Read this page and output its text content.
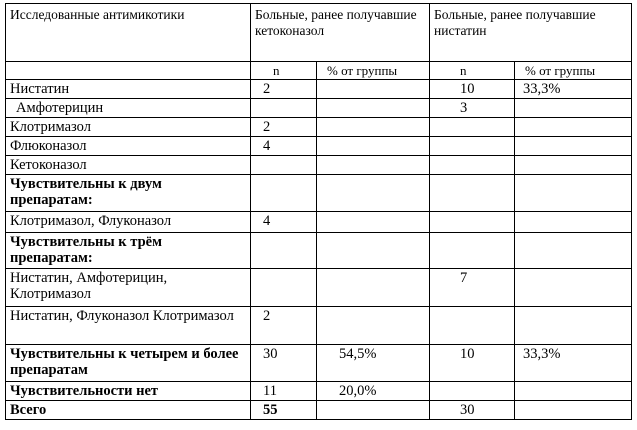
Исследованные антимикотики	Больные, ранее получавшие кетоконазол		Больные, ранее получавшие нистатин	
	n	% от группы	n	% от группы
Нистатин	2		10	33,3%
Амфотерицин			3	
Клотримазол	2			
Флюконазол	4			
Кетоконазол				
Чувствительны к двум препаратам:				
Клотримазол, Флуконазол	4			
Чувствительны к трём препаратам:				
Нистатин, Амфотерицин, Клотримазол			7	
Нистатин, Флуконазол Клотримазол	2			
Чувствительны к четырем и более препаратам	30	54,5%	10	33,3%
Чувствительности нет	11	20,0%		
Всего	55		30	
